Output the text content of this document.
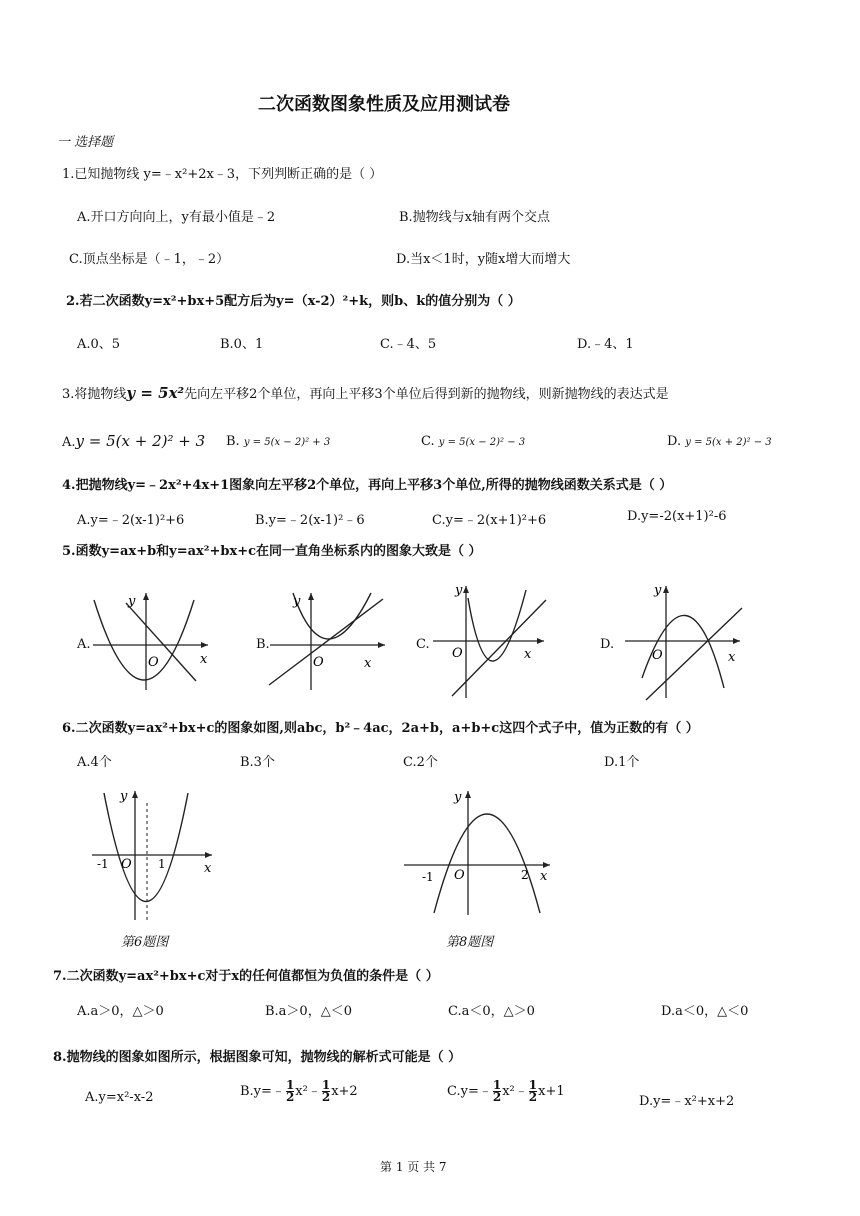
二次函数图象性质及应用测试卷
一 选择题
1.已知抛物线 y=﹣x²+2x﹣3，下列判断正确的是（ ）
A.开口方向向上，y有最小值是﹣2	B.抛物线与x轴有两个交点
C.顶点坐标是（﹣1，﹣2）	D.当x＜1时，y随x增大而增大
2.若二次函数y=x²+bx+5配方后为y=（x-2）²+k，则b、k的值分别为（ ）
A.0、5	B.0、1	C.﹣4、5	D.﹣4、1
3.将抛物线y = 5x²先向左平移2个单位，再向上平移3个单位后得到新的抛物线，则新抛物线的表达式是
A.y = 5(x + 2)² + 3 B. y = 5(x − 2)² + 3	C. y = 5(x − 2)² − 3	D. y = 5(x + 2)² − 3
4.把抛物线y=﹣2x²+4x+1图象向左平移2个单位，再向上平移3个单位,所得的抛物线函数关系式是（ ）
A.y=﹣2(x-1)²+6	B.y=﹣2(x-1)²﹣6	C.y=﹣2(x+1)²+6	D.y=-2(x+1)²-6
5.函数y=ax+b和y=ax²+bx+c在同一直角坐标系内的图象大致是（ ）
A.
y
O	x
B.
y
O	x
C.
y
O	x
D.
y
O	x
6.二次函数y=ax²+bx+c的图象如图,则abc，b²﹣4ac，2a+b，a+b+c这四个式子中，值为正数的有（ ）
A.4个	B.3个	C.2个	D.1个
y
-1 O 1	x
第6题图
y
-1 O	2 x
第8题图
7.二次函数y=ax²+bx+c对于x的任何值都恒为负值的条件是（ ）
A.a＞0，△＞0	B.a＞0，△＜0	C.a＜0，△＞0	D.a＜0，△＜0
8.抛物线的图象如图所示，根据图象可知，抛物线的解析式可能是（ ）
A.y=x²-x-2	B.y=﹣ $\frac{1}{2}$ x²﹣ $\frac{1}{2} x+2$	C.y=﹣ $\frac{1}{2}$ x²﹣ $\frac{1}{2} x+1$
D.y=﹣x²+x+2
第 1 页 共 7
